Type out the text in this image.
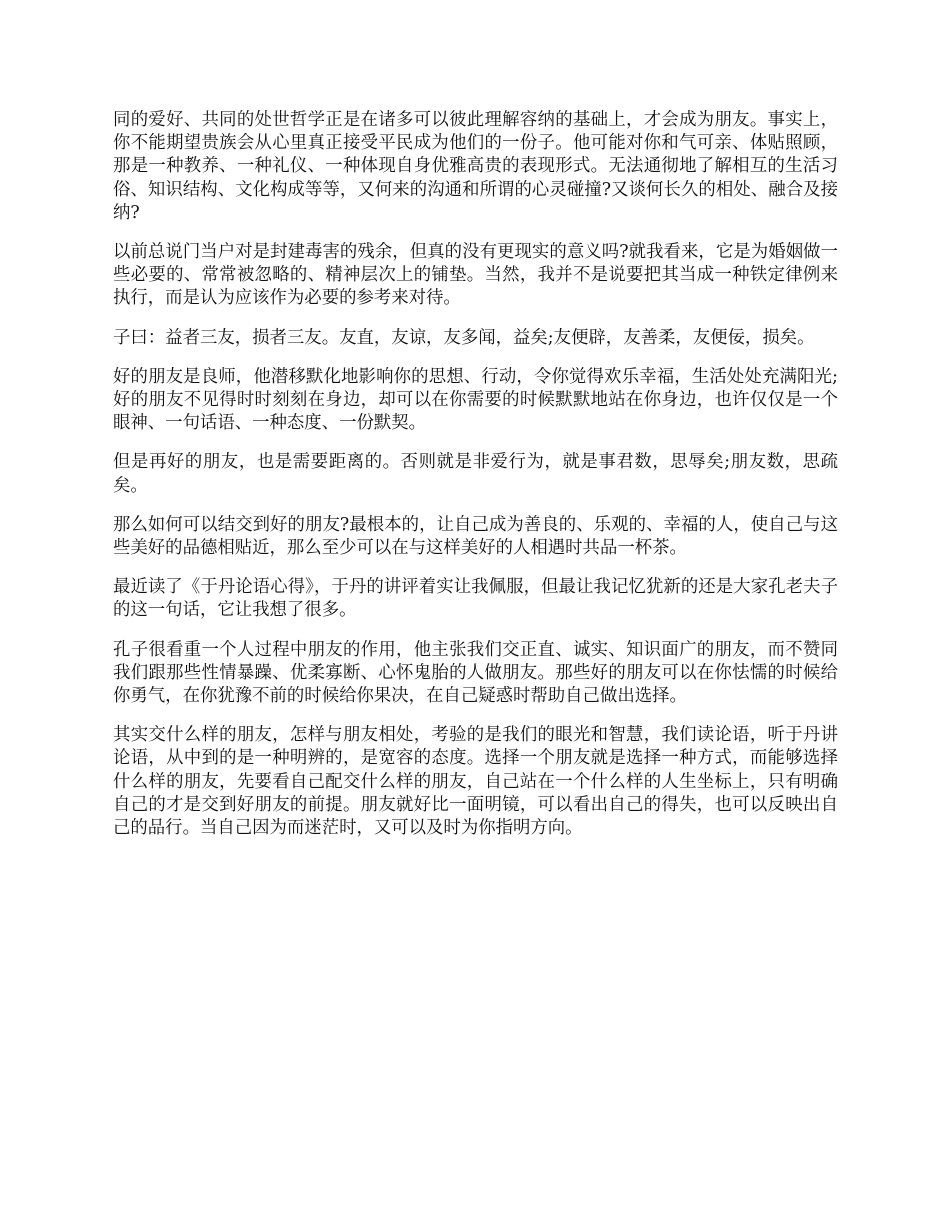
同的爱好、共同的处世哲学正是在诸多可以彼此理解容纳的基础上，才会成为朋友。事实上，你不能期望贵族会从心里真正接受平民成为他们的一份子。他可能对你和气可亲、体贴照顾，那是一种教养、一种礼仪、一种体现自身优雅高贵的表现形式。无法通彻地了解相互的生活习俗、知识结构、文化构成等等，又何来的沟通和所谓的心灵碰撞?又谈何长久的相处、融合及接纳?

以前总说门当户对是封建毒害的残余，但真的没有更现实的意义吗?就我看来，它是为婚姻做一些必要的、常常被忽略的、精神层次上的铺垫。当然，我并不是说要把其当成一种铁定律例来执行，而是认为应该作为必要的参考来对待。

子曰：益者三友，损者三友。友直，友谅，友多闻，益矣;友便辟，友善柔，友便佞，损矣。

好的朋友是良师，他潜移默化地影响你的思想、行动，令你觉得欢乐幸福，生活处处充满阳光;好的朋友不见得时时刻刻在身边，却可以在你需要的时候默默地站在你身边，也许仅仅是一个眼神、一句话语、一种态度、一份默契。

但是再好的朋友，也是需要距离的。否则就是非爱行为，就是事君数，思辱矣;朋友数，思疏矣。

那么如何可以结交到好的朋友?最根本的，让自己成为善良的、乐观的、幸福的人，使自己与这些美好的品德相贴近，那么至少可以在与这样美好的人相遇时共品一杯茶。

最近读了《于丹论语心得》，于丹的讲评着实让我佩服，但最让我记忆犹新的还是大家孔老夫子的这一句话，它让我想了很多。

孔子很看重一个人过程中朋友的作用，他主张我们交正直、诚实、知识面广的朋友，而不赞同我们跟那些性情暴躁、优柔寡断、心怀鬼胎的人做朋友。那些好的朋友可以在你怯懦的时候给你勇气，在你犹豫不前的时候给你果决，在自己疑惑时帮助自己做出选择。

其实交什么样的朋友，怎样与朋友相处，考验的是我们的眼光和智慧，我们读论语，听于丹讲论语，从中到的是一种明辨的，是宽容的态度。选择一个朋友就是选择一种方式，而能够选择什么样的朋友，先要看自己配交什么样的朋友，自己站在一个什么样的人生坐标上，只有明确自己的才是交到好朋友的前提。朋友就好比一面明镜，可以看出自己的得失，也可以反映出自己的品行。当自己因为而迷茫时，又可以及时为你指明方向。
